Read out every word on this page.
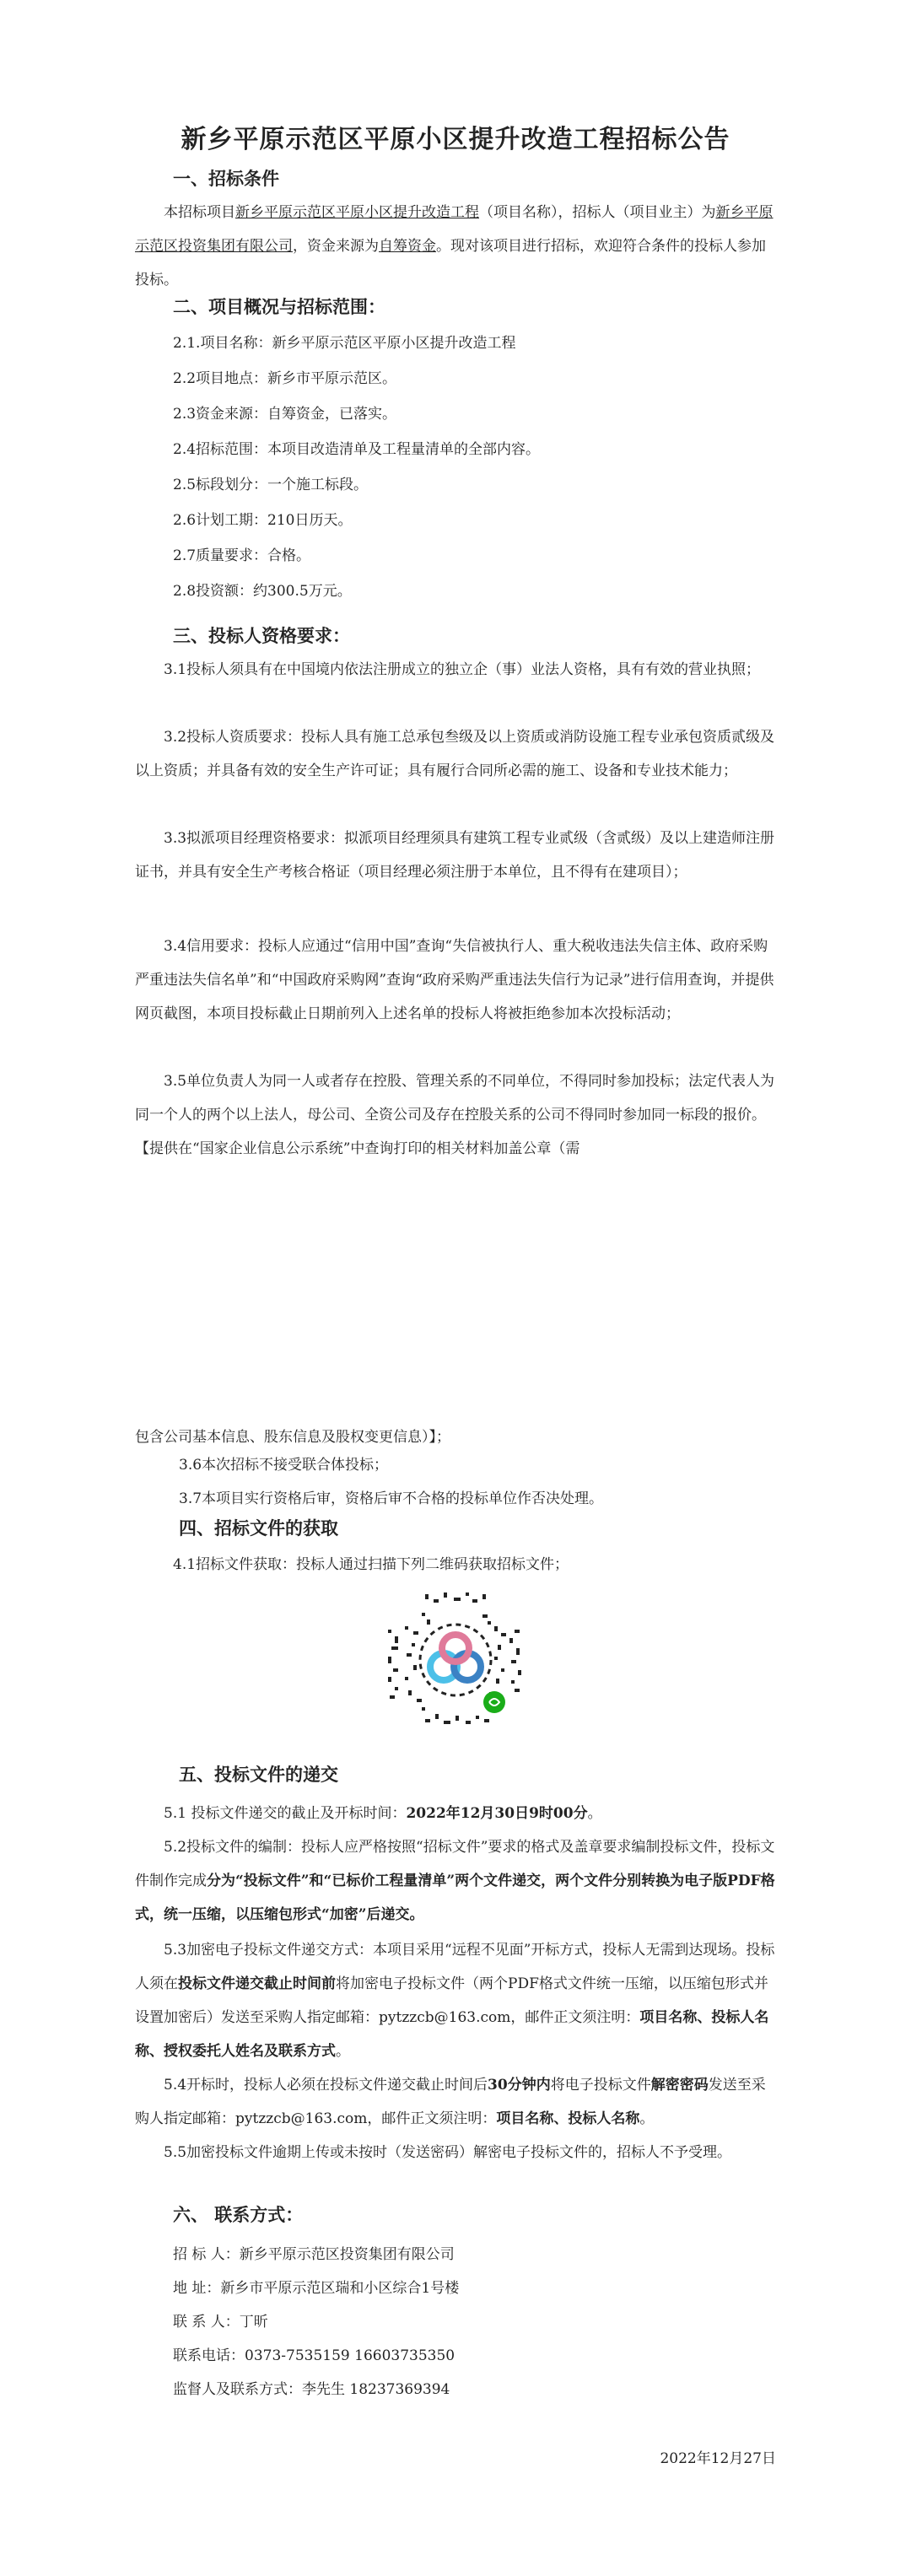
新乡平原示范区平原小区提升改造工程招标公告
一、招标条件
本招标项目新乡平原示范区平原小区提升改造工程（项目名称），招标人（项目业主）为新乡平原示范区投资集团有限公司，资金来源为自筹资金。现对该项目进行招标，欢迎符合条件的投标人参加投标。
二、项目概况与招标范围：
2.1.项目名称：新乡平原示范区平原小区提升改造工程
2.2项目地点：新乡市平原示范区。
2.3资金来源：自筹资金，已落实。
2.4招标范围：本项目改造清单及工程量清单的全部内容。
2.5标段划分：一个施工标段。
2.6计划工期：210日历天。
2.7质量要求：合格。
2.8投资额：约300.5万元。
三、投标人资格要求：
3.1投标人须具有在中国境内依法注册成立的独立企（事）业法人资格，具有有效的营业执照；
3.2投标人资质要求：投标人具有施工总承包叁级及以上资质或消防设施工程专业承包资质贰级及以上资质；并具备有效的安全生产许可证；具有履行合同所必需的施工、设备和专业技术能力；
3.3拟派项目经理资格要求：拟派项目经理须具有建筑工程专业贰级（含贰级）及以上建造师注册证书，并具有安全生产考核合格证（项目经理必须注册于本单位，且不得有在建项目）；
3.4信用要求：投标人应通过“信用中国”查询“失信被执行人、重大税收违法失信主体、政府采购严重违法失信名单”和“中国政府采购网”查询“政府采购严重违法失信行为记录”进行信用查询，并提供网页截图，本项目投标截止日期前列入上述名单的投标人将被拒绝参加本次投标活动；
3.5单位负责人为同一人或者存在控股、管理关系的不同单位，不得同时参加投标；法定代表人为同一个人的两个以上法人，母公司、全资公司及存在控股关系的公司不得同时参加同一标段的报价。【提供在“国家企业信息公示系统”中查询打印的相关材料加盖公章（需
包含公司基本信息、股东信息及股权变更信息）】；
3.6本次招标不接受联合体投标；
3.7本项目实行资格后审，资格后审不合格的投标单位作否决处理。
四、招标文件的获取
4.1招标文件获取：投标人通过扫描下列二维码获取招标文件；
五、投标文件的递交
5.1 投标文件递交的截止及开标时间：2022年12月30日9时00分。
5.2投标文件的编制：投标人应严格按照“招标文件”要求的格式及盖章要求编制投标文件，投标文件制作完成分为“投标文件”和“已标价工程量清单”两个文件递交，两个文件分别转换为电子版PDF格式，统一压缩，以压缩包形式“加密”后递交。
5.3加密电子投标文件递交方式：本项目采用“远程不见面”开标方式，投标人无需到达现场。投标人须在投标文件递交截止时间前将加密电子投标文件（两个PDF格式文件统一压缩，以压缩包形式并设置加密后）发送至采购人指定邮箱：pytzzcb@163.com，邮件正文须注明：项目名称、投标人名称、授权委托人姓名及联系方式。
5.4开标时，投标人必须在投标文件递交截止时间后30分钟内将电子投标文件解密密码发送至采购人指定邮箱：pytzzcb@163.com，邮件正文须注明：项目名称、投标人名称。
5.5加密投标文件逾期上传或未按时（发送密码）解密电子投标文件的，招标人不予受理。
六、 联系方式：
招 标 人：新乡平原示范区投资集团有限公司
地 址：新乡市平原示范区瑞和小区综合1号楼
联 系 人：丁昕
联系电话：0373-7535159 16603735350
监督人及联系方式：李先生 18237369394
2022年12月27日
